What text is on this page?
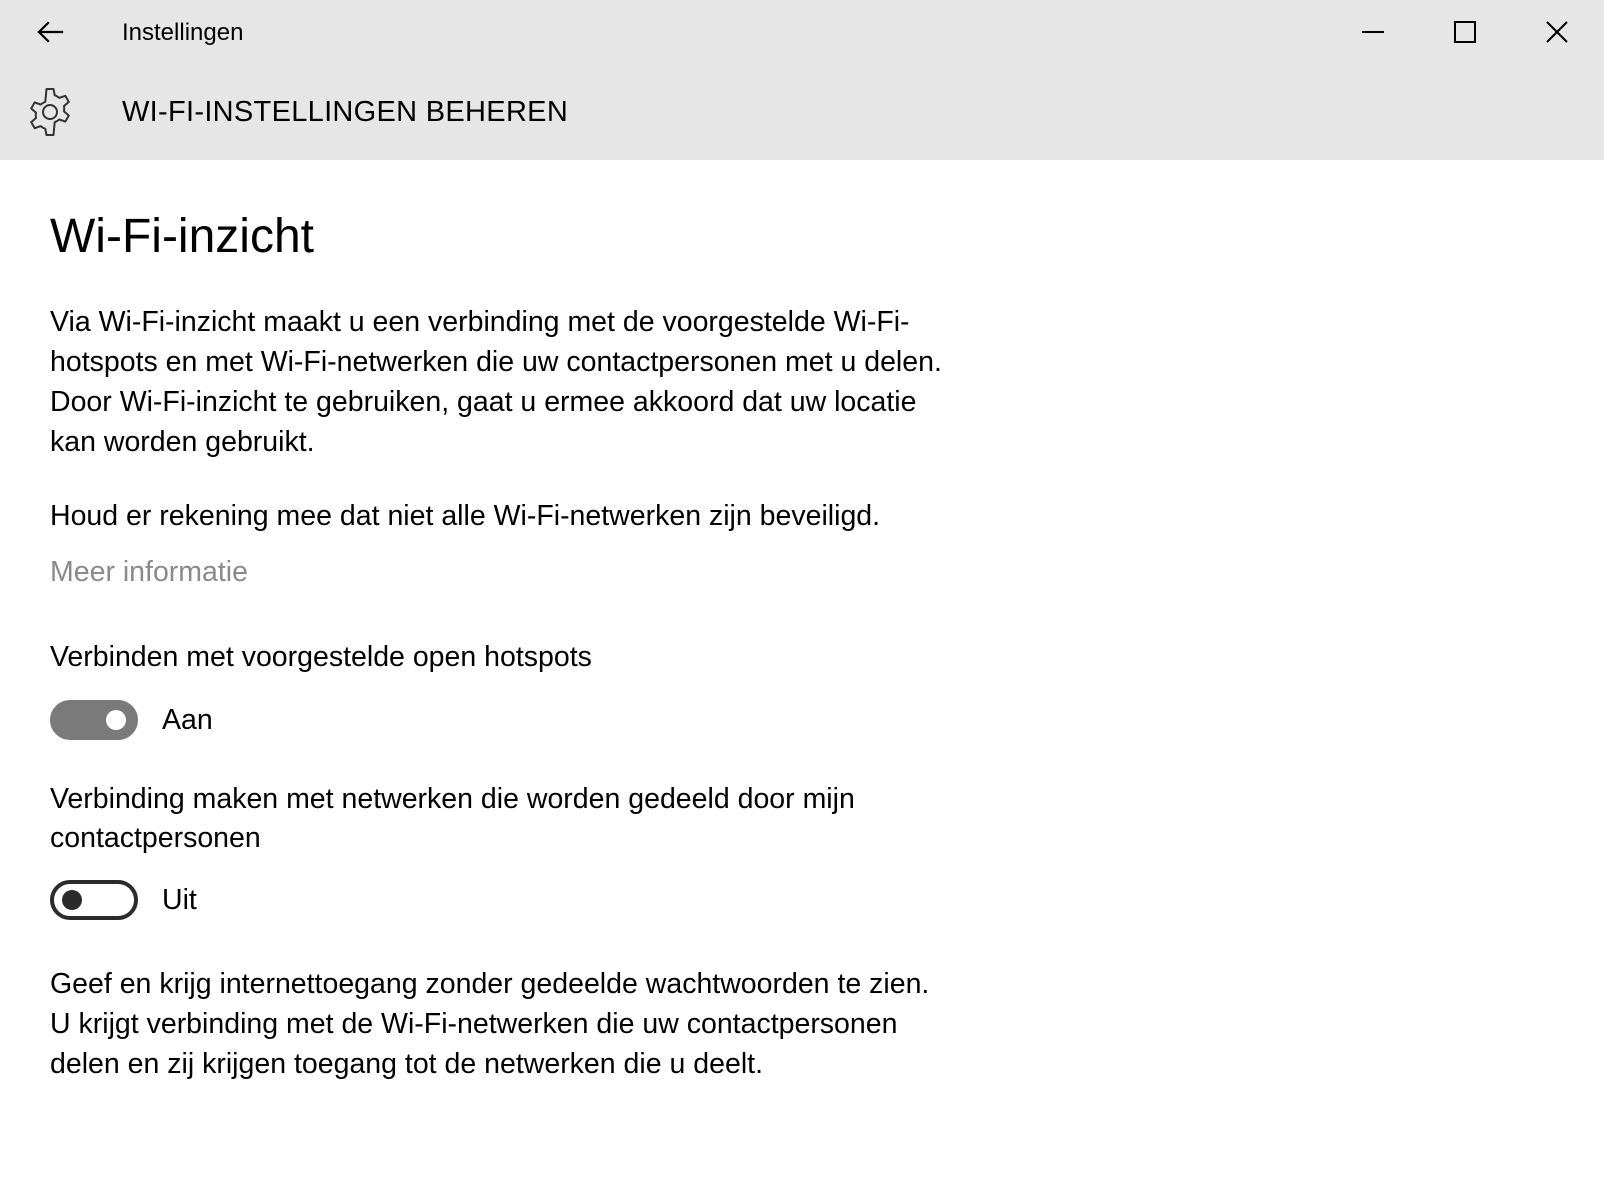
Instellingen
WI-FI-INSTELLINGEN BEHEREN
Wi-Fi-inzicht

Via Wi-Fi-inzicht maakt u een verbinding met de voorgestelde Wi-Fi-hotspots en met Wi-Fi-netwerken die uw contactpersonen met u delen. Door Wi-Fi-inzicht te gebruiken, gaat u ermee akkoord dat uw locatie kan worden gebruikt.

Houd er rekening mee dat niet alle Wi-Fi-netwerken zijn beveiligd.

Meer informatie
Verbinden met voorgestelde open hotspots
Aan
Verbinding maken met netwerken die worden gedeeld door mijn contactpersonen
Uit

Geef en krijg internettoegang zonder gedeelde wachtwoorden te zien. U krijgt verbinding met de Wi-Fi-netwerken die uw contactpersonen delen en zij krijgen toegang tot de netwerken die u deelt.
